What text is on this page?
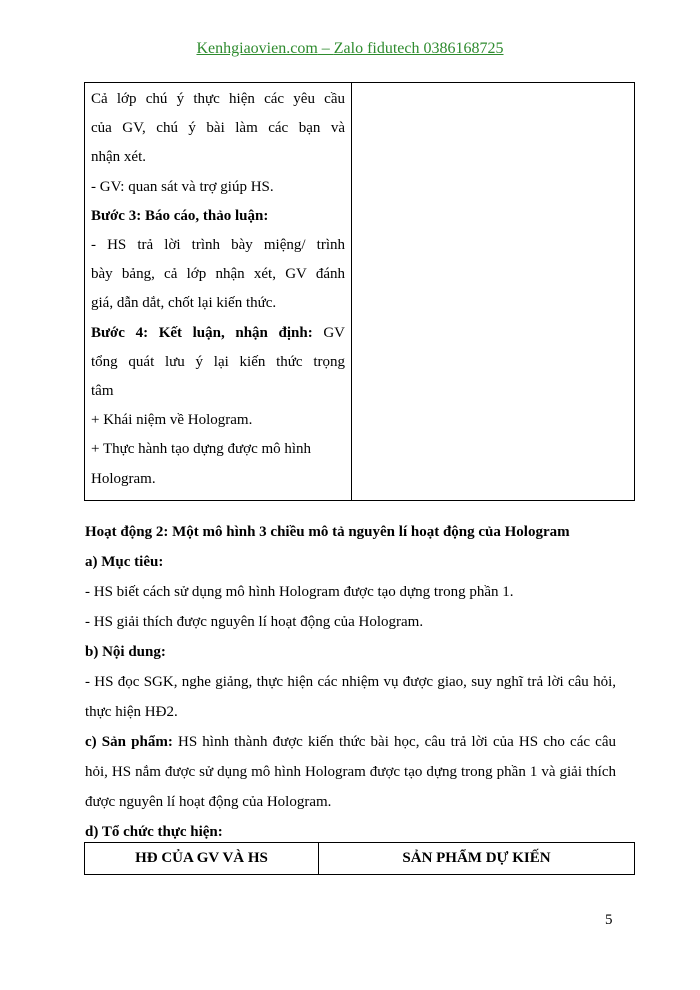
Kenhgiaovien.com – Zalo fidutech 0386168725
Cả lớp chú ý thực hiện các yêu cầu
của GV, chú ý bài làm các bạn và
nhận xét.
- GV: quan sát và trợ giúp HS.
Bước 3: Báo cáo, thảo luận:
- HS trả lời trình bày miệng/ trình
bày bảng, cả lớp nhận xét, GV đánh
giá, dẫn dắt, chốt lại kiến thức.
Bước 4: Kết luận, nhận định: GV
tổng quát lưu ý lại kiến thức trọng
tâm
+ Khái niệm về Hologram.
+ Thực hành tạo dựng được mô hình
Hologram.

Hoạt động 2: Một mô hình 3 chiều mô tả nguyên lí hoạt động của Hologram
a) Mục tiêu:
- HS biết cách sử dụng mô hình Hologram được tạo dựng trong phần 1.
- HS giải thích được nguyên lí hoạt động của Hologram.
b) Nội dung:
- HS đọc SGK, nghe giảng, thực hiện các nhiệm vụ được giao, suy nghĩ trả lời câu hỏi, thực hiện HĐ2.
c) Sản phẩm: HS hình thành được kiến thức bài học, câu trả lời của HS cho các câu hỏi, HS nắm được sử dụng mô hình Hologram được tạo dựng trong phần 1 và giải thích được nguyên lí hoạt động của Hologram.
d) Tổ chức thực hiện:
HĐ CỦA GV VÀ HS	SẢN PHẨM DỰ KIẾN
5
